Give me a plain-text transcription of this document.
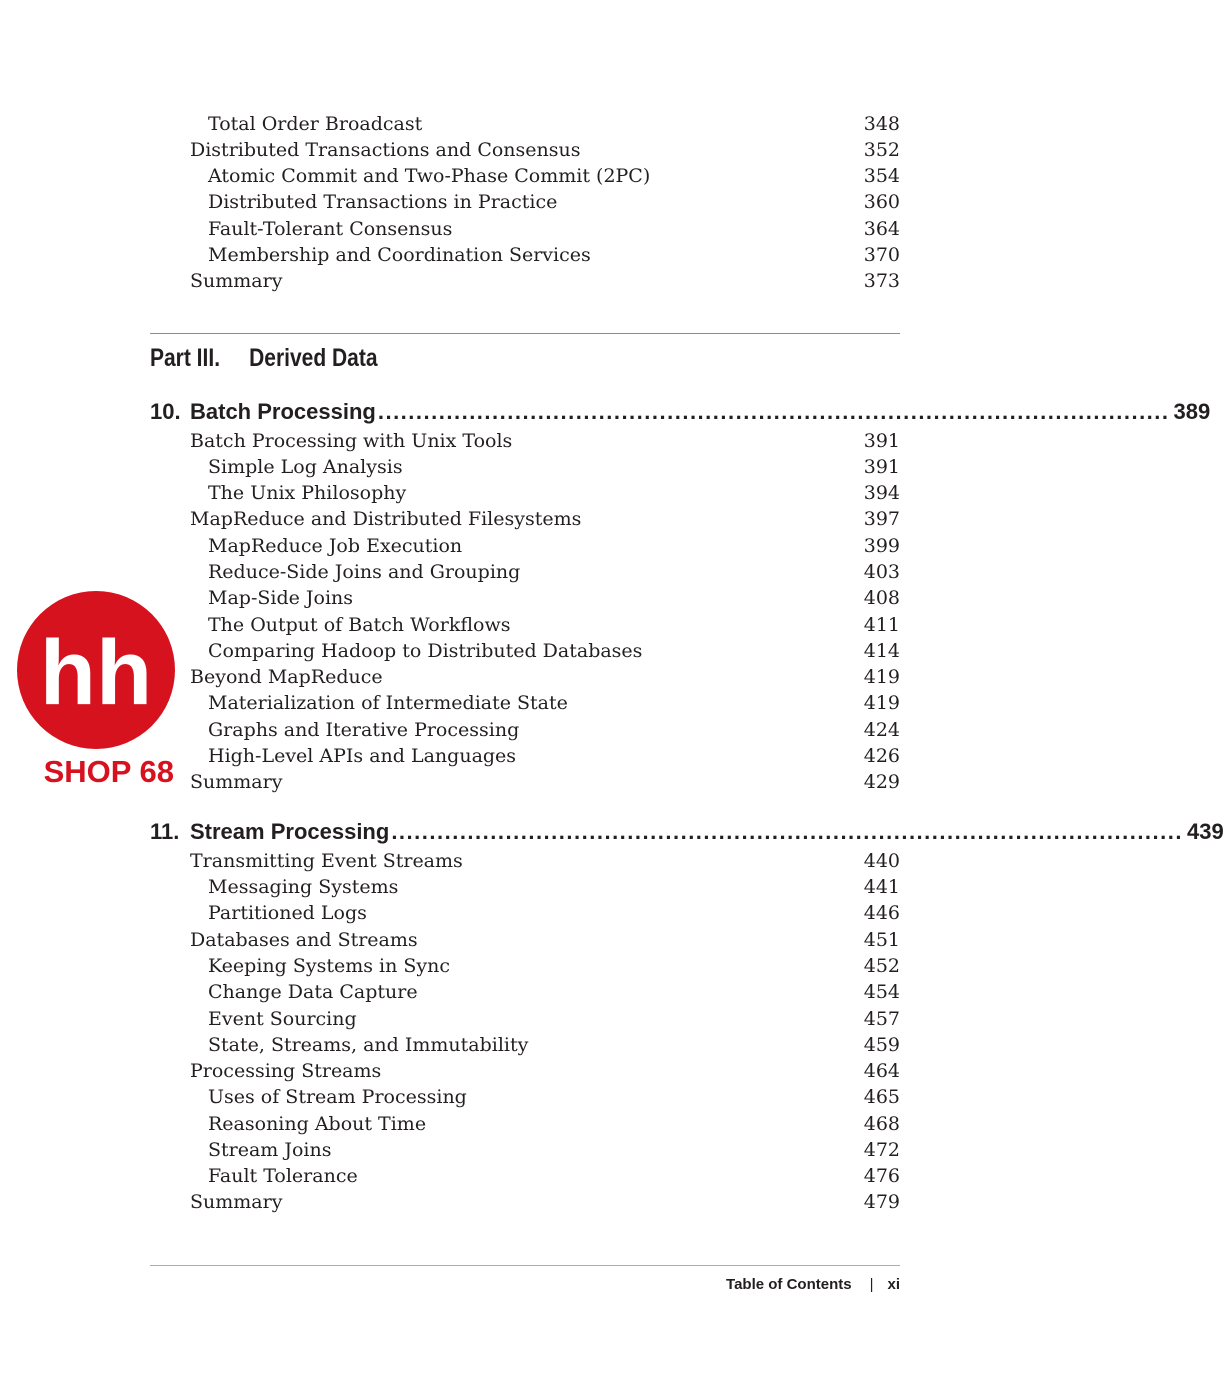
Total Order Broadcast	348
Distributed Transactions and Consensus	352
Atomic Commit and Two-Phase Commit (2PC)	354
Distributed Transactions in Practice	360
Fault-Tolerant Consensus	364
Membership and Coordination Services	370
Summary	373
Part III. Derived Data
10. Batch Processing ........................................................................................................ 389
Batch Processing with Unix Tools	391
Simple Log Analysis	391
The Unix Philosophy	394
MapReduce and Distributed Filesystems	397
MapReduce Job Execution	399
Reduce-Side Joins and Grouping	403
Map-Side Joins	408
The Output of Batch Workflows	411
Comparing Hadoop to Distributed Databases	414
Beyond MapReduce	419
Materialization of Intermediate State	419
Graphs and Iterative Processing	424
High-Level APIs and Languages	426
Summary	429
11. Stream Processing ........................................................................................................ 439
Transmitting Event Streams	440
Messaging Systems	441
Partitioned Logs	446
Databases and Streams	451
Keeping Systems in Sync	452
Change Data Capture	454
Event Sourcing	457
State, Streams, and Immutability	459
Processing Streams	464
Uses of Stream Processing	465
Reasoning About Time	468
Stream Joins	472
Fault Tolerance	476
Summary	479
Table of Contents | xi
hh
SHOP 68
